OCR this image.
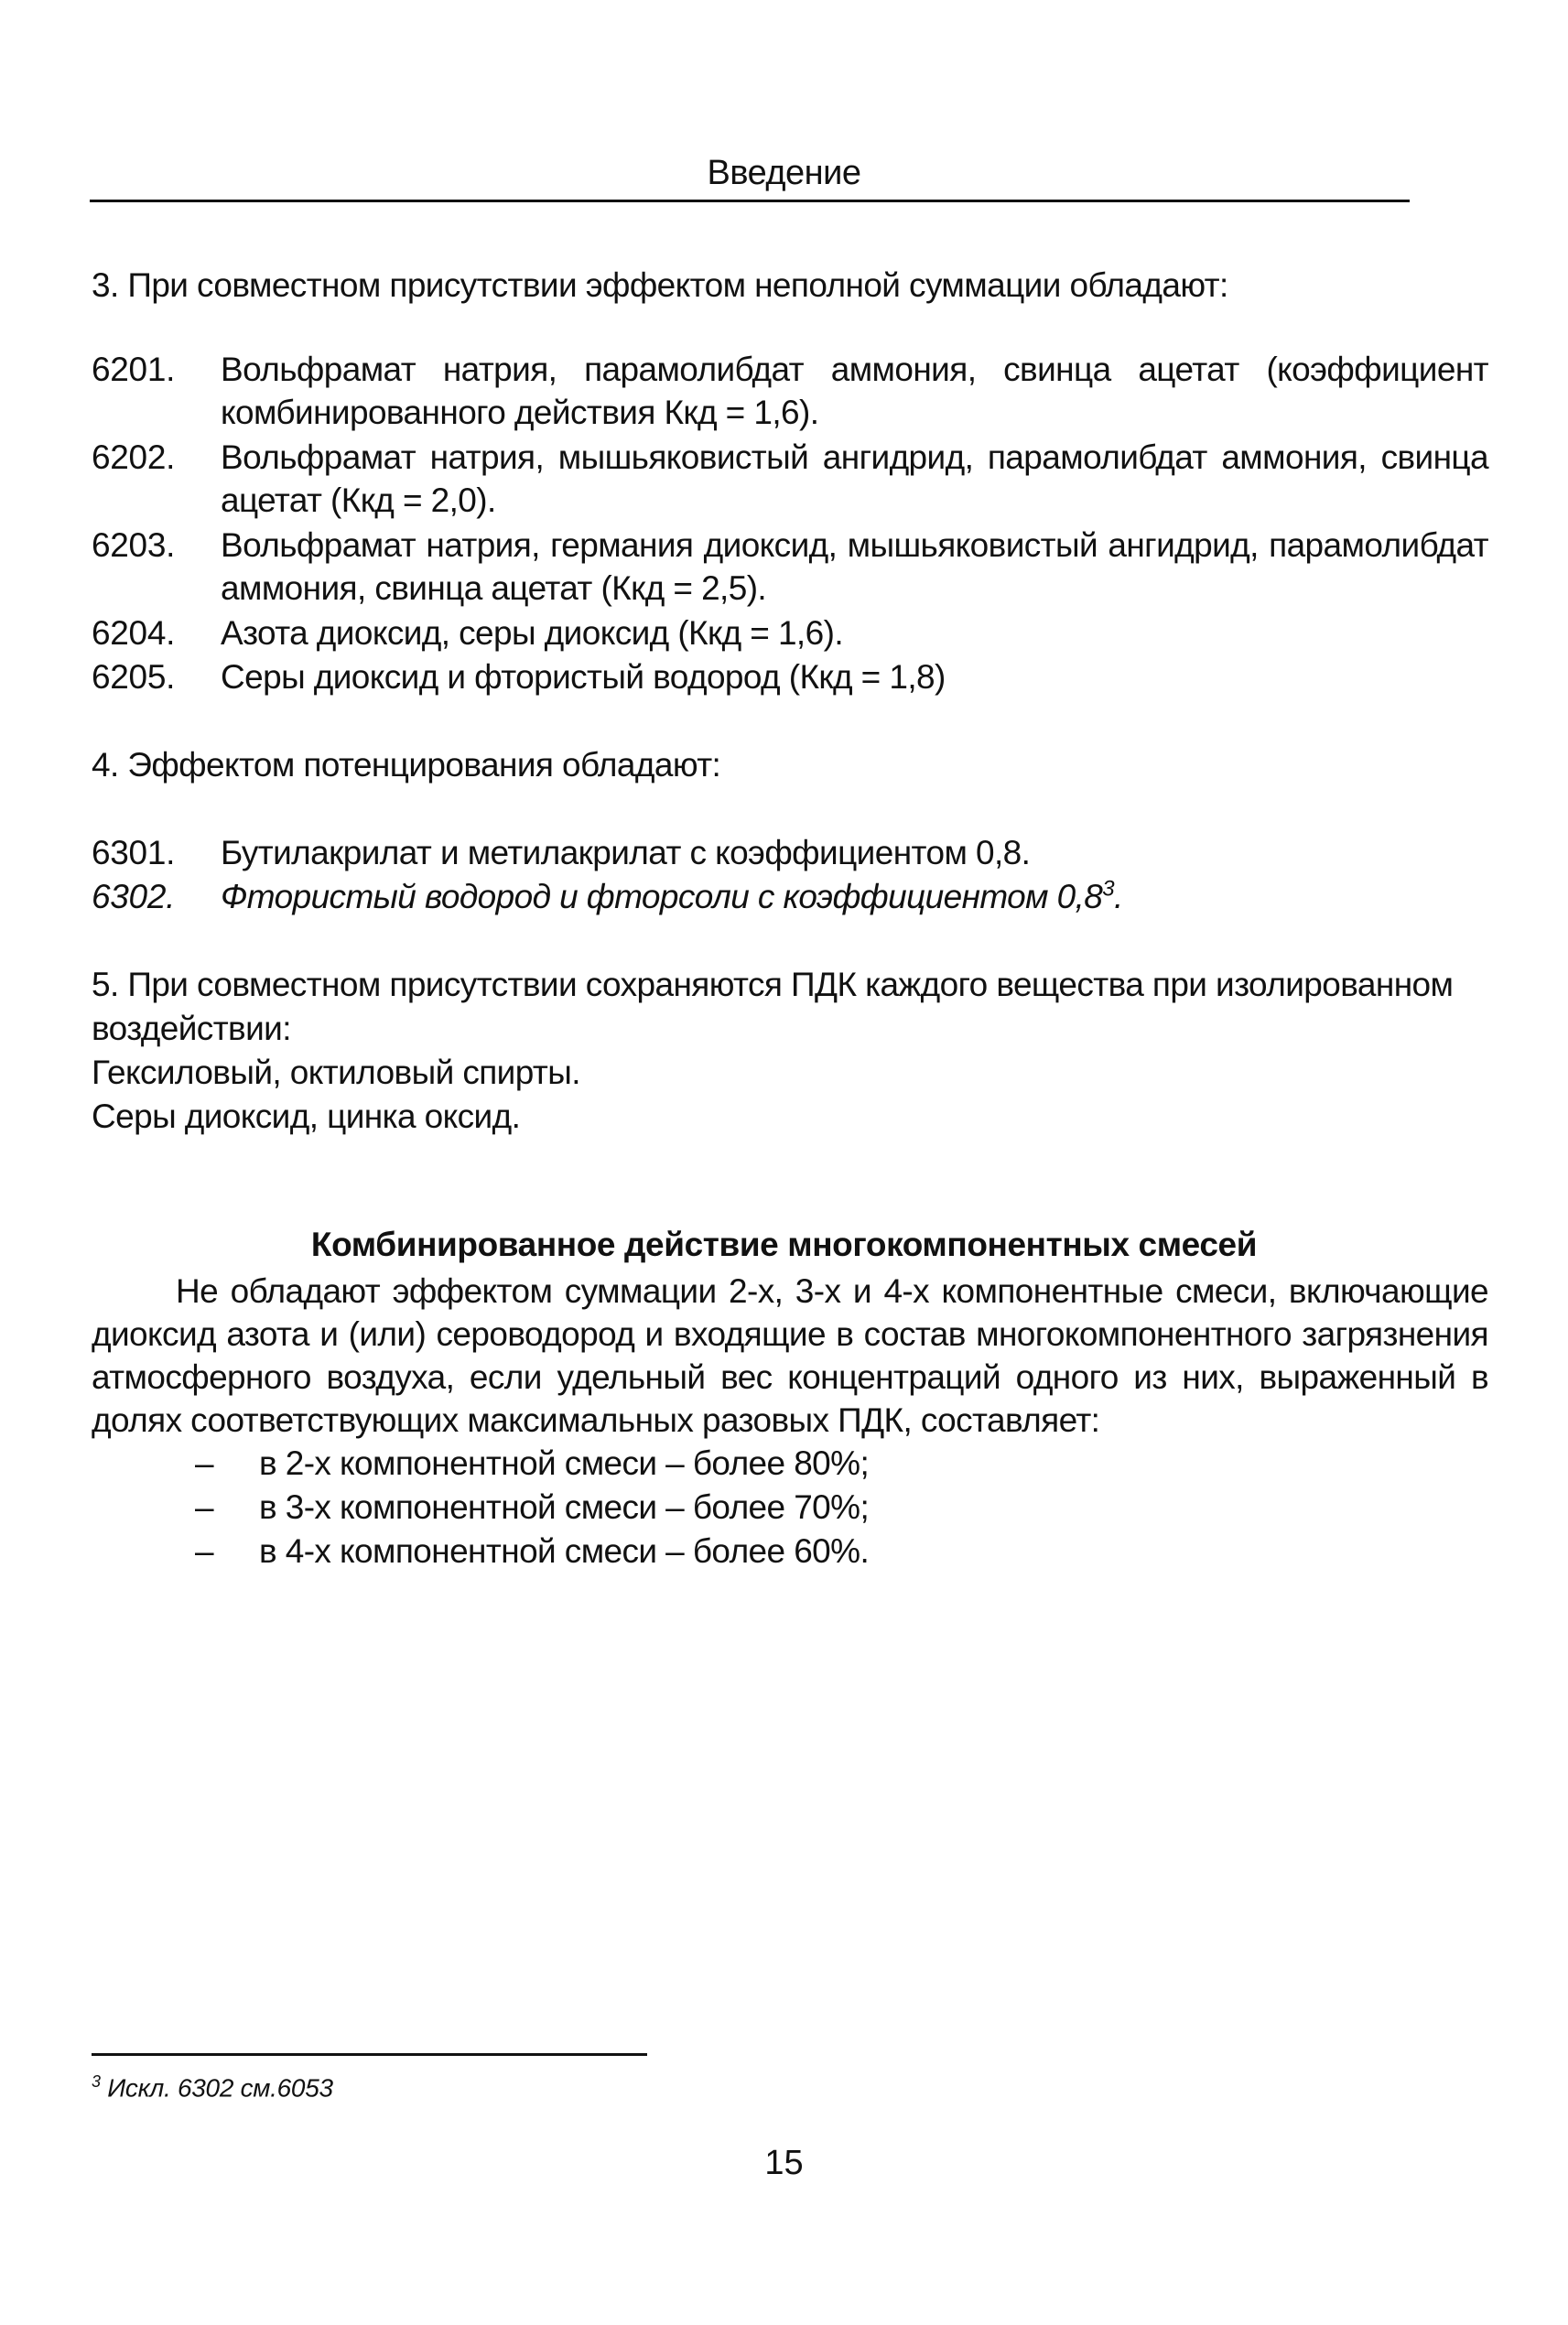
Введение
3. При совместном присутствии эффектом неполной суммации обладают:
6201. Вольфрамат натрия, парамолибдат аммония, свинца ацетат (коэффициент комбинированного действия Ккд = 1,6).
6202. Вольфрамат натрия, мышьяковистый ангидрид, парамолибдат аммония, свинца ацетат (Ккд = 2,0).
6203. Вольфрамат натрия, германия диоксид, мышьяковистый ангидрид, парамолибдат аммония, свинца ацетат (Ккд = 2,5).
6204. Азота диоксид, серы диоксид (Ккд = 1,6).
6205. Серы диоксид и фтористый водород (Ккд = 1,8)
4. Эффектом потенцирования обладают:
6301. Бутилакрилат и метилакрилат с коэффициентом 0,8.
6302. Фтористый водород и фторсоли с коэффициентом 0,8$^3$.
5. При совместном присутствии сохраняются ПДК каждого вещества при изолированном
воздействии:
Гексиловый, октиловый спирты.
Серы диоксид, цинка оксид.
Комбинированное действие многокомпонентных смесей
Не обладают эффектом суммации 2-х, 3-х и 4-х компонентные смеси, включающие диоксид азота и (или) сероводород и входящие в состав многокомпонентного загрязнения атмосферного воздуха, если удельный вес концентраций одного из них, выраженный в долях соответствующих максимальных разовых ПДК, составляет:
– в 2-х компонентной смеси – более 80%;
– в 3-х компонентной смеси – более 70%;
– в 4-х компонентной смеси – более 60%.
$^3$ Искл. 6302 см.6053
15
